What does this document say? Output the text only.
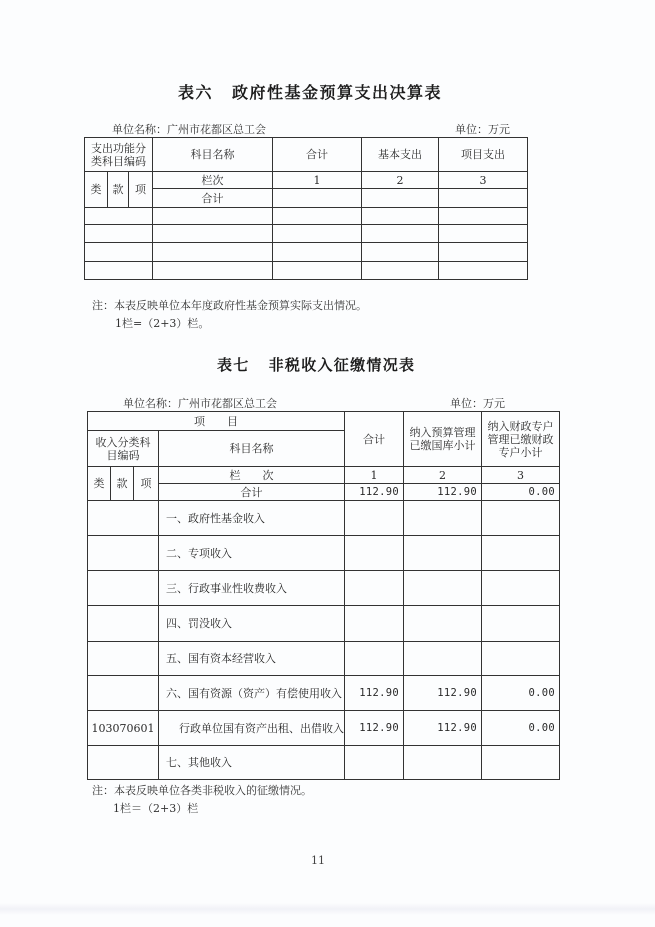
表六 政府性基金预算支出决算表
单位名称：广州市花都区总工会	单位：万元
支出功能分
类科目编码			科目名称	合计	基本支出	项目支出
类	款	项	栏次	1	2	3
			合计			

注：本表反映单位本年度政府性基金预算实际支出情况。
1栏=（2+3）栏。
表七 非税收入征缴情况表
单位名称：广州市花都区总工会	单位：万元
项　　目				合计	纳入预算管理
已缴国库小计	纳入财政专户
管理已缴财政
专户小计

收入分类科
目编码			科目名称			
类	款	项	栏　　次	1	2	3
			合计	112.90	112.90	0.00
			一、政府性基金收入			
			二、专项收入			
			三、行政事业性收费收入			
			四、罚没收入			
			五、国有资本经营收入			
			六、国有资源（资产）有偿使用收入	112.90	112.90	0.00
103070601			行政单位国有资产出租、出借收入	112.90	112.90	0.00
			七、其他收入			
注：本表反映单位各类非税收入的征缴情况。
1栏＝（2+3）栏
11
